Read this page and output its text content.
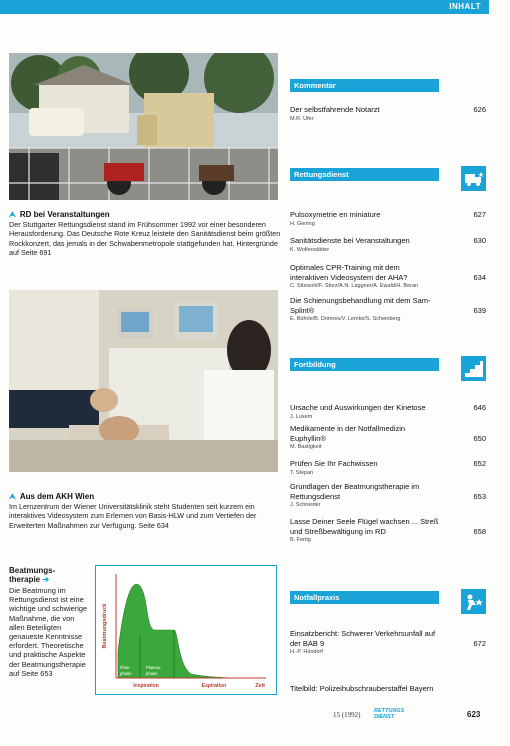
INHALT
⮝ RD bei Veranstaltungen
Der Stuttgarter Rettungsdienst stand im Frühsommer 1992 vor einer besonderen Herausforderung. Das Deutsche Rote Kreuz leistete den Sanitätsdienst beim größten Rockkonzert, das jemals in der Schwabenmetropole stattgefunden hat. Hintergründe auf Seite 691
⮝ Aus dem AKH Wien
Im Lernzentrum der Wiener Universitätsklinik steht Studenten seit kurzem ein interaktives Videosystem zum Erlernen von Basis-HLW und zum Vertiefen der Erweiterten Maßnahmen zur Verfügung. Seite 634
Beatmungs-
therapie ➔
Die Beatmung im Rettungsdienst ist eine wichtige und schwierige Maßnahme, die von allen Beteiligten genaueste Kenntnisse erfordert. Theoretische und praktische Aspekte der Beatmungstherapie auf Seite 653
Beatmungsdruck
Zeit
Flow-
phase
Plateau-
phase
Inspiration	Expiration
Kommentar
Rettungsdienst
Fortbildung
Notfallpraxis
Der selbstfahrende Notarzt	626
M.R. Ufer
Pulsoxymetrie en miniature	627
H. Giering
Sanitätsdienste bei Veranstaltungen	630
K. Wolfenstätter
Optimales CPR-Training mit dem interaktiven Videosystem der AHA?	634
C. Sitzwohl/F. Storz/A.N. Laggner/A. Ewald/H. Beran
Die Schienungsbehandlung mit dem Sam-Splint®	639
E. Bührle/B. Domres/V. Lemke/S. Scheinberg
Ursache und Auswirkungen der Kinetose	646
J. Luxem
Medikamente in der Notfallmedizin Euphyllin®	650
M. Bastigkeit
Prüfen Sie Ihr Fachwissen	652
T. Stepan
Grundlagen der Beatmungstherapie im Rettungsdienst	653
J. Schneider
Lasse Deiner Seele Flügel wachsen ... Streß und Streßbewältigung im RD	658
B. Fertig
Einsatzbericht: Schwerer Verkehrsunfall auf der BAB 9	672
H.-P. Hündorf
Titelbild: Polizeihubschrauberstaffel Bayern
15 (1992) RETTUNGS DIENST	623
